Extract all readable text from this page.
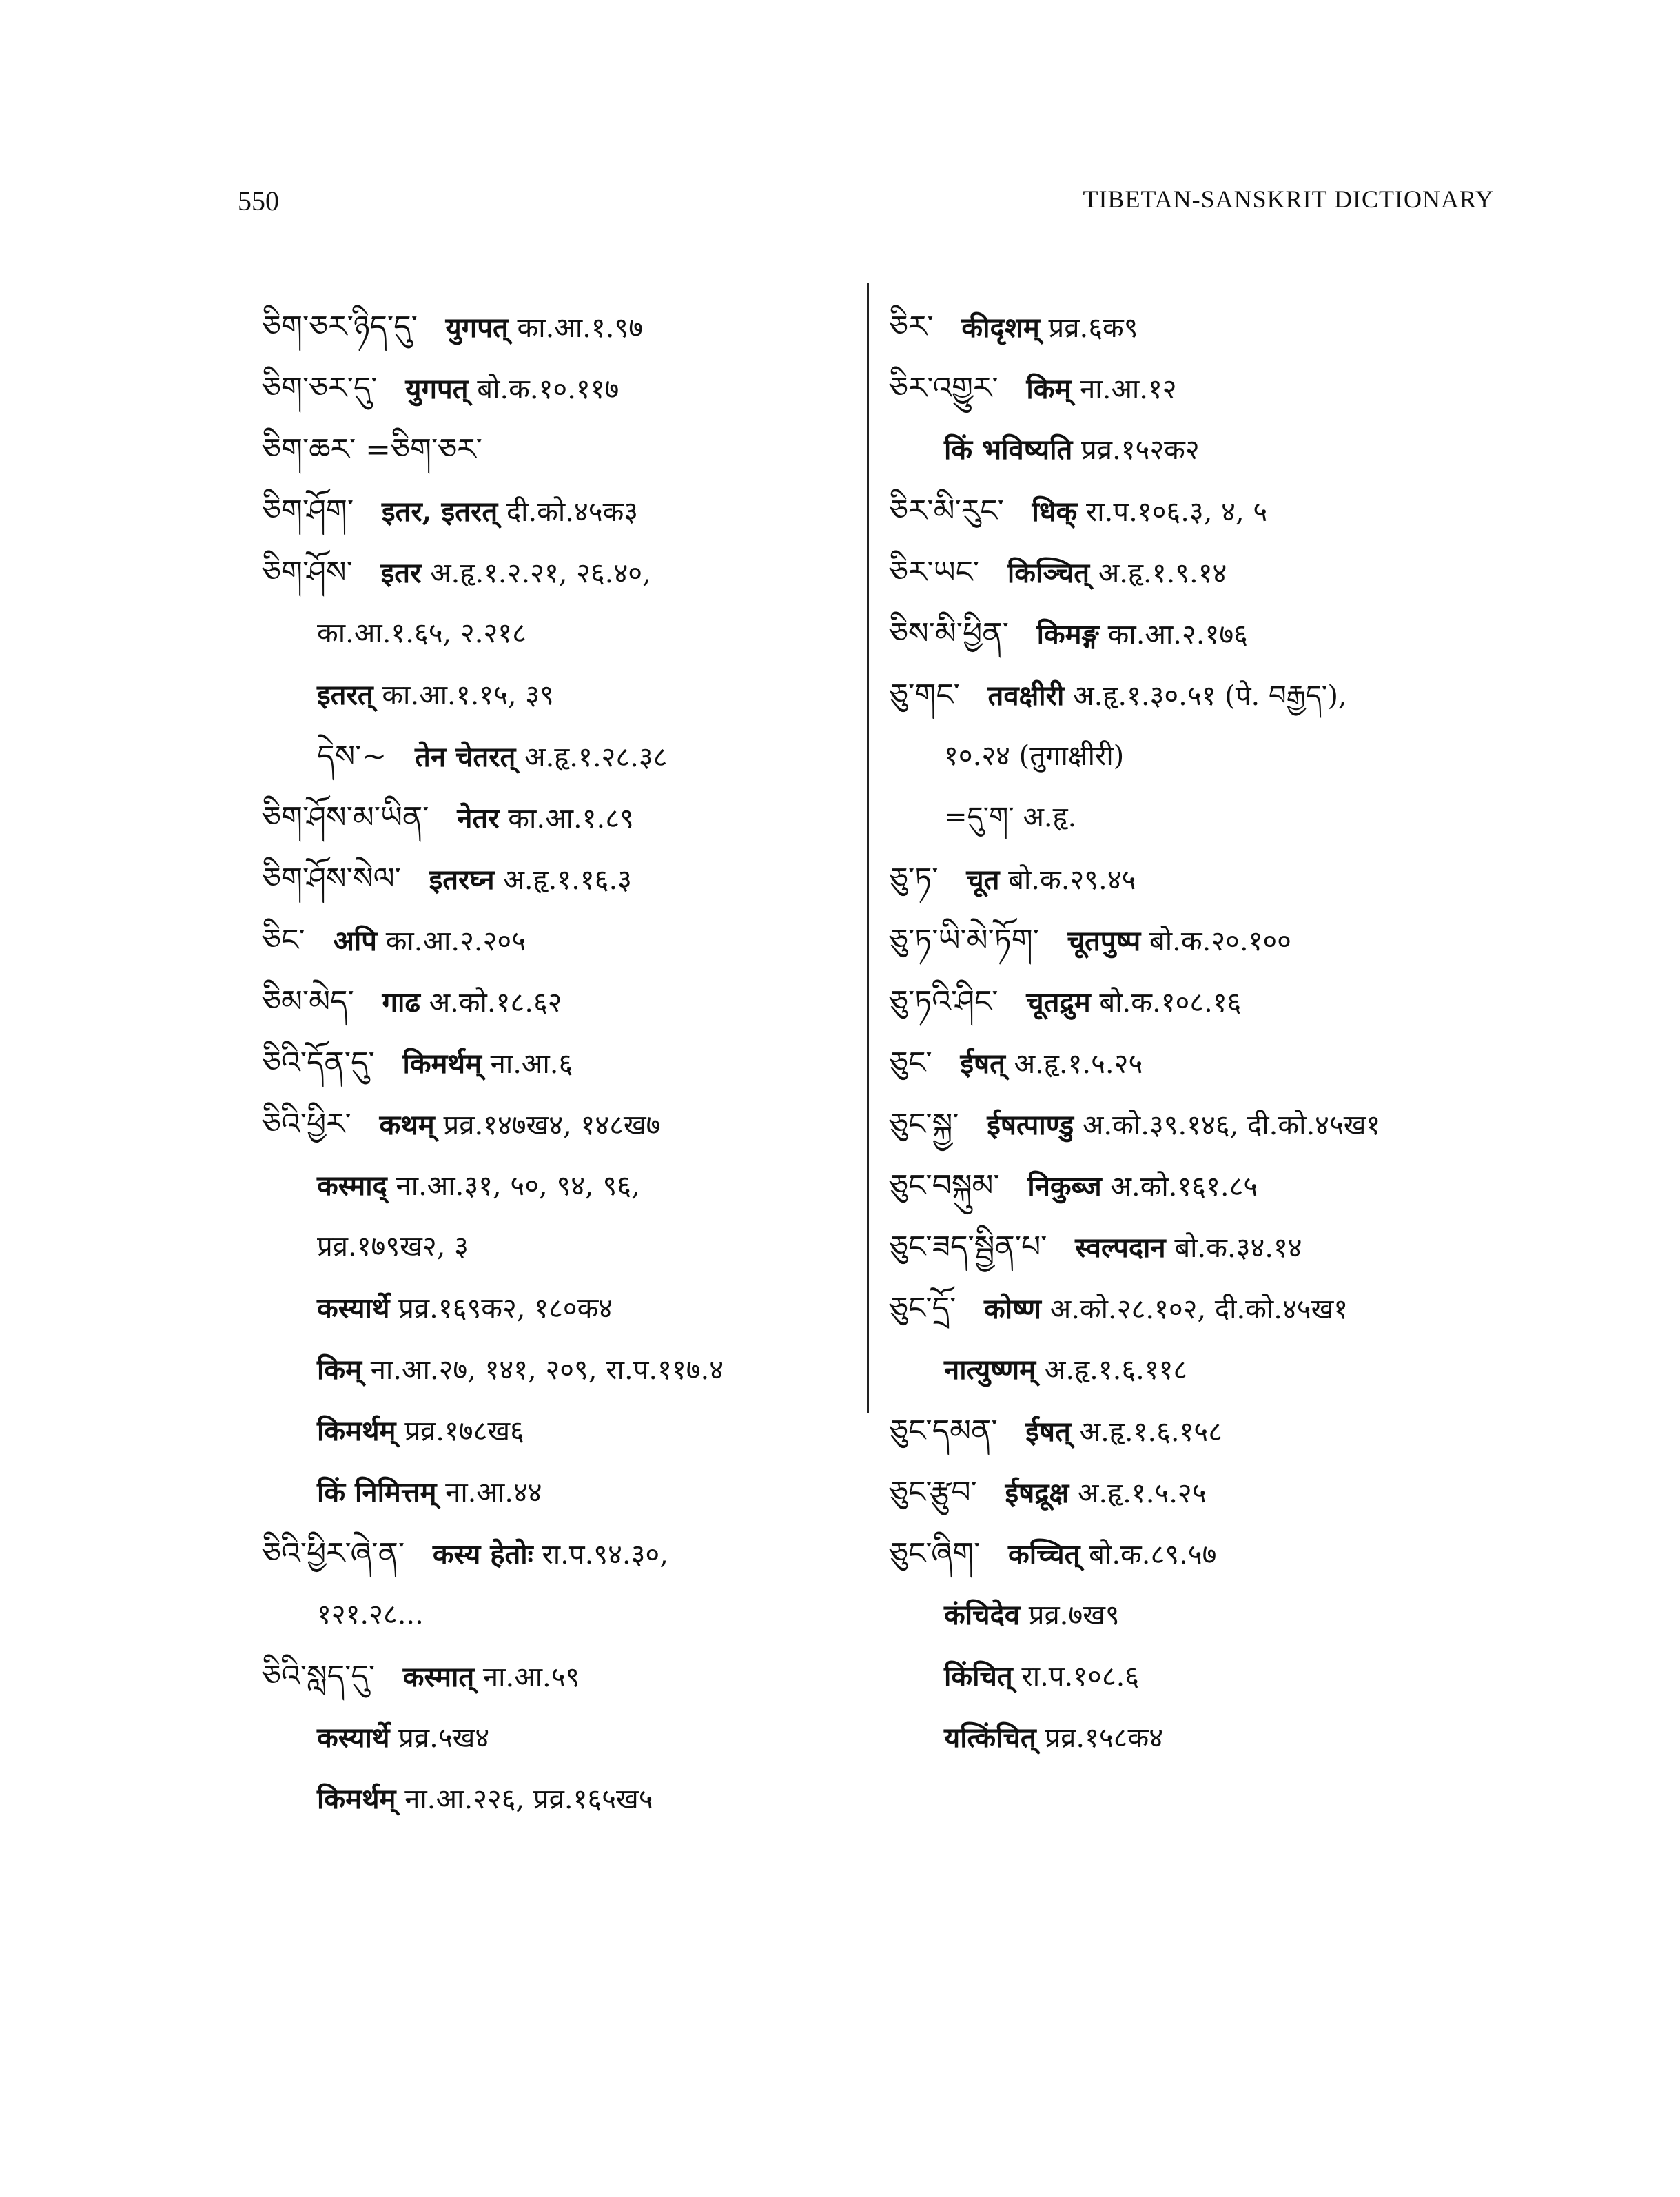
550	TIBETAN-SANSKRIT DICTIONARY
ཅིག་ཅར་ཉིད་དུ་ युगपत् का.आ.१.९७
ཅིག་ཅར་དུ་ युगपत् बो.क.१०.११७
ཅིག་ཆར་ =ཅིག་ཅར་
ཅིག་ཤོག་ इतर, इतरत् दी.को.४५क३
ཅིག་ཤོས་ इतर अ.हृ.१.२.२१, २६.४०,
का.आ.१.६५, २.२१८
इतरत् का.आ.१.१५, ३९
དེས་~ तेन चेतरत् अ.हृ.१.२८.३८
ཅིག་ཤོས་མ་ཡིན་ नेतर का.आ.१.८९
ཅིག་ཤོས་སེལ་ इतरघ्न अ.हृ.१.१६.३
ཅིང་ अपि का.आ.२.२०५
ཅིམ་མེད་ गाढ अ.को.१८.६२
ཅིའི་དོན་དུ་ किमर्थम् ना.आ.६
ཅིའི་ཕྱིར་ कथम् प्रव्र.१४७ख४, १४८ख७
कस्माद् ना.आ.३१, ५०, ९४, ९६,
प्रव्र.१७९ख२, ३
कस्यार्थे प्रव्र.१६९क२, १८०क४
किम् ना.आ.२७, १४१, २०९, रा.प.११७.४
किमर्थम् प्रव्र.१७८ख६
किं निमित्तम् ना.आ.४४
ཅིའི་ཕྱིར་ཞེ་ན་ कस्य हेतोः रा.प.९४.३०,
१२१.२८...
ཅིའི་སླད་དུ་ कस्मात् ना.आ.५९
कस्यार्थे प्रव्र.५ख४
किमर्थम् ना.आ.२२६, प्रव्र.१६५ख५
ཅིར་ कीदृशम् प्रव्र.६क९
ཅིར་འགྱུར་ किम् ना.आ.१२
किं भविष्यति प्रव्र.१५२क२
ཅིར་མི་རུང་ धिक् रा.प.१०६.३, ४, ५
ཅིར་ཡང་ किञ्चित् अ.हृ.१.९.१४
ཅིས་མི་ཕྱིན་ किमङ्ग का.आ.२.१७६
ཅུ་གང་ तवक्षीरी अ.हृ.१.३०.५१ (पे. བརྒྱད་),
१०.२४ (तुगाक्षीरी)
=དུ་ག་ अ.हृ.
ཅུ་ཏ་ चूत बो.क.२९.४५
ཅུ་ཏ་ཡི་མེ་ཏོག་ चूतपुष्प बो.क.२०.१००
ཅུ་ཏའི་ཤིང་ चूतद्रुम बो.क.१०८.१६
ཅུང་ ईषत् अ.हृ.१.५.२५
ཅུང་སྐྱ་ ईषत्पाण्डु अ.को.३९.१४६, दी.को.४५ख१
ཅུང་བསྐུམ་ निकुब्ज अ.को.१६१.८५
ཅུང་ཟད་སྦྱིན་པ་ स्वल्पदान बो.क.३४.१४
ཅུང་དྲོ་ कोष्ण अ.को.२८.१०२, दी.को.४५ख१
नात्युष्णम् अ.हृ.१.६.११८
ཅུང་དམན་ ईषत् अ.हृ.१.६.१५८
ཅུང་རྩུབ་ ईषद्रूक्ष अ.हृ.१.५.२५
ཅུང་ཞིག་ कच्चित् बो.क.८९.५७
कंचिदेव प्रव्र.७ख९
किंचित् रा.प.१०८.६
यत्किंचित् प्रव्र.१५८क४
